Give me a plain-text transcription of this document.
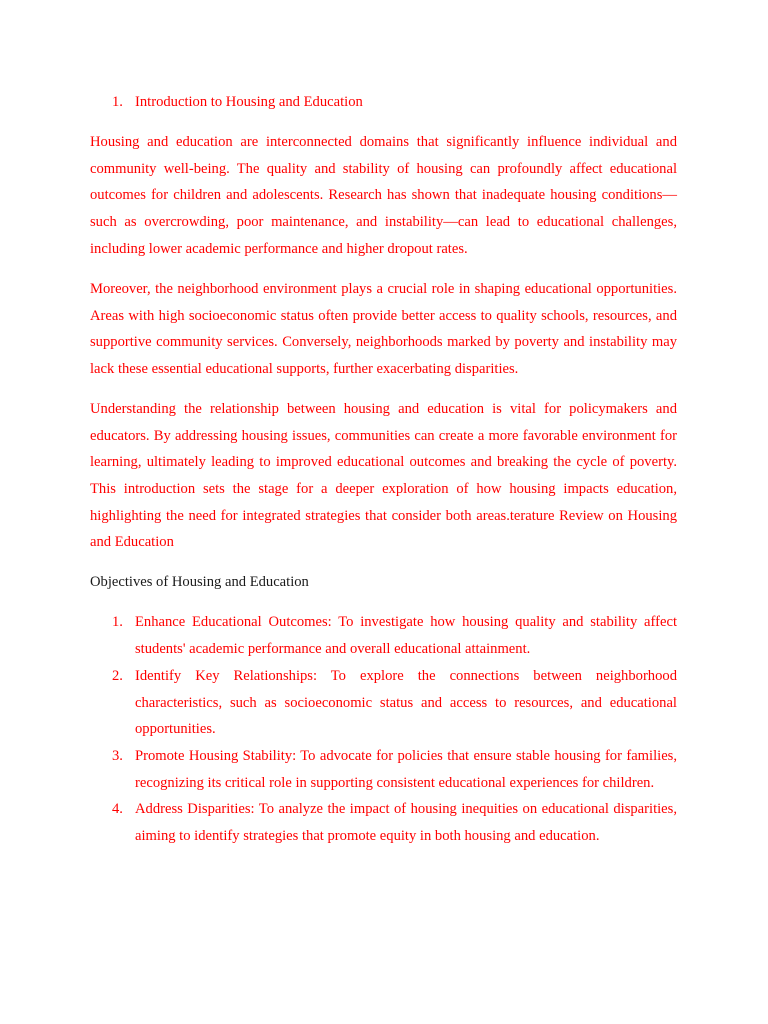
1. Introduction to Housing and Education

Housing and education are interconnected domains that significantly influence individual and community well-being. The quality and stability of housing can profoundly affect educational outcomes for children and adolescents. Research has shown that inadequate housing conditions—such as overcrowding, poor maintenance, and instability—can lead to educational challenges, including lower academic performance and higher dropout rates.

Moreover, the neighborhood environment plays a crucial role in shaping educational opportunities. Areas with high socioeconomic status often provide better access to quality schools, resources, and supportive community services. Conversely, neighborhoods marked by poverty and instability may lack these essential educational supports, further exacerbating disparities.

Understanding the relationship between housing and education is vital for policymakers and educators. By addressing housing issues, communities can create a more favorable environment for learning, ultimately leading to improved educational outcomes and breaking the cycle of poverty. This introduction sets the stage for a deeper exploration of how housing impacts education, highlighting the need for integrated strategies that consider both areas.terature Review on Housing and Education

Objectives of Housing and Education

1. Enhance Educational Outcomes: To investigate how housing quality and stability affect students' academic performance and overall educational attainment.
2. Identify Key Relationships: To explore the connections between neighborhood characteristics, such as socioeconomic status and access to resources, and educational opportunities.
3. Promote Housing Stability: To advocate for policies that ensure stable housing for families, recognizing its critical role in supporting consistent educational experiences for children.
4. Address Disparities: To analyze the impact of housing inequities on educational disparities, aiming to identify strategies that promote equity in both housing and education.
